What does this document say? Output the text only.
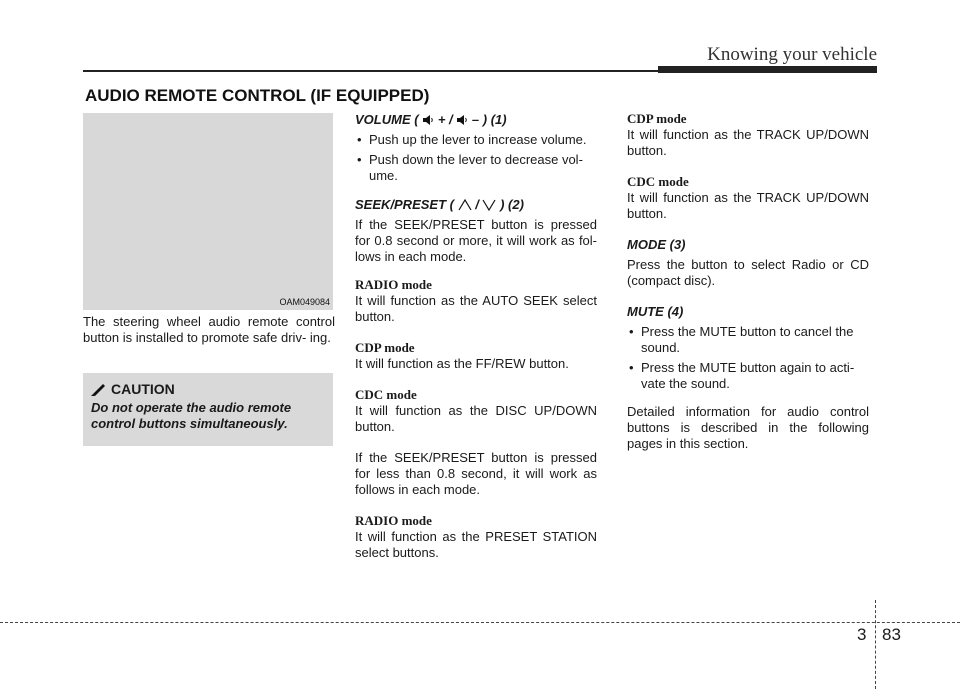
Knowing your vehicle
AUDIO REMOTE CONTROL (IF EQUIPPED)
OAM049084

The steering wheel audio remote control button is installed to promote safe driv- ing.

CAUTION
Do not operate the audio remote control buttons simultaneously.

VOLUME ( + / – ) (1)

• Push up the lever to increase volume.
• Push down the lever to decrease vol- ume.

SEEK/PRESET ( / ) (2)

If the SEEK/PRESET button is pressed for 0.8 second or more, it will work as fol- lows in each mode.

RADIO mode

It will function as the AUTO SEEK select button.

CDP mode

It will function as the FF/REW button.

CDC mode

It will function as the DISC UP/DOWN button.

If the SEEK/PRESET button is pressed for less than 0.8 second, it will work as follows in each mode.

RADIO mode

It will function as the PRESET STATION select buttons.

CDP mode

It will function as the TRACK UP/DOWN button.

CDC mode

It will function as the TRACK UP/DOWN button.

MODE (3)

Press the button to select Radio or CD (compact disc).

MUTE (4)

• Press the MUTE button to cancel the sound.
• Press the MUTE button again to acti- vate the sound.

Detailed information for audio control buttons is described in the following pages in this section.

3 83
